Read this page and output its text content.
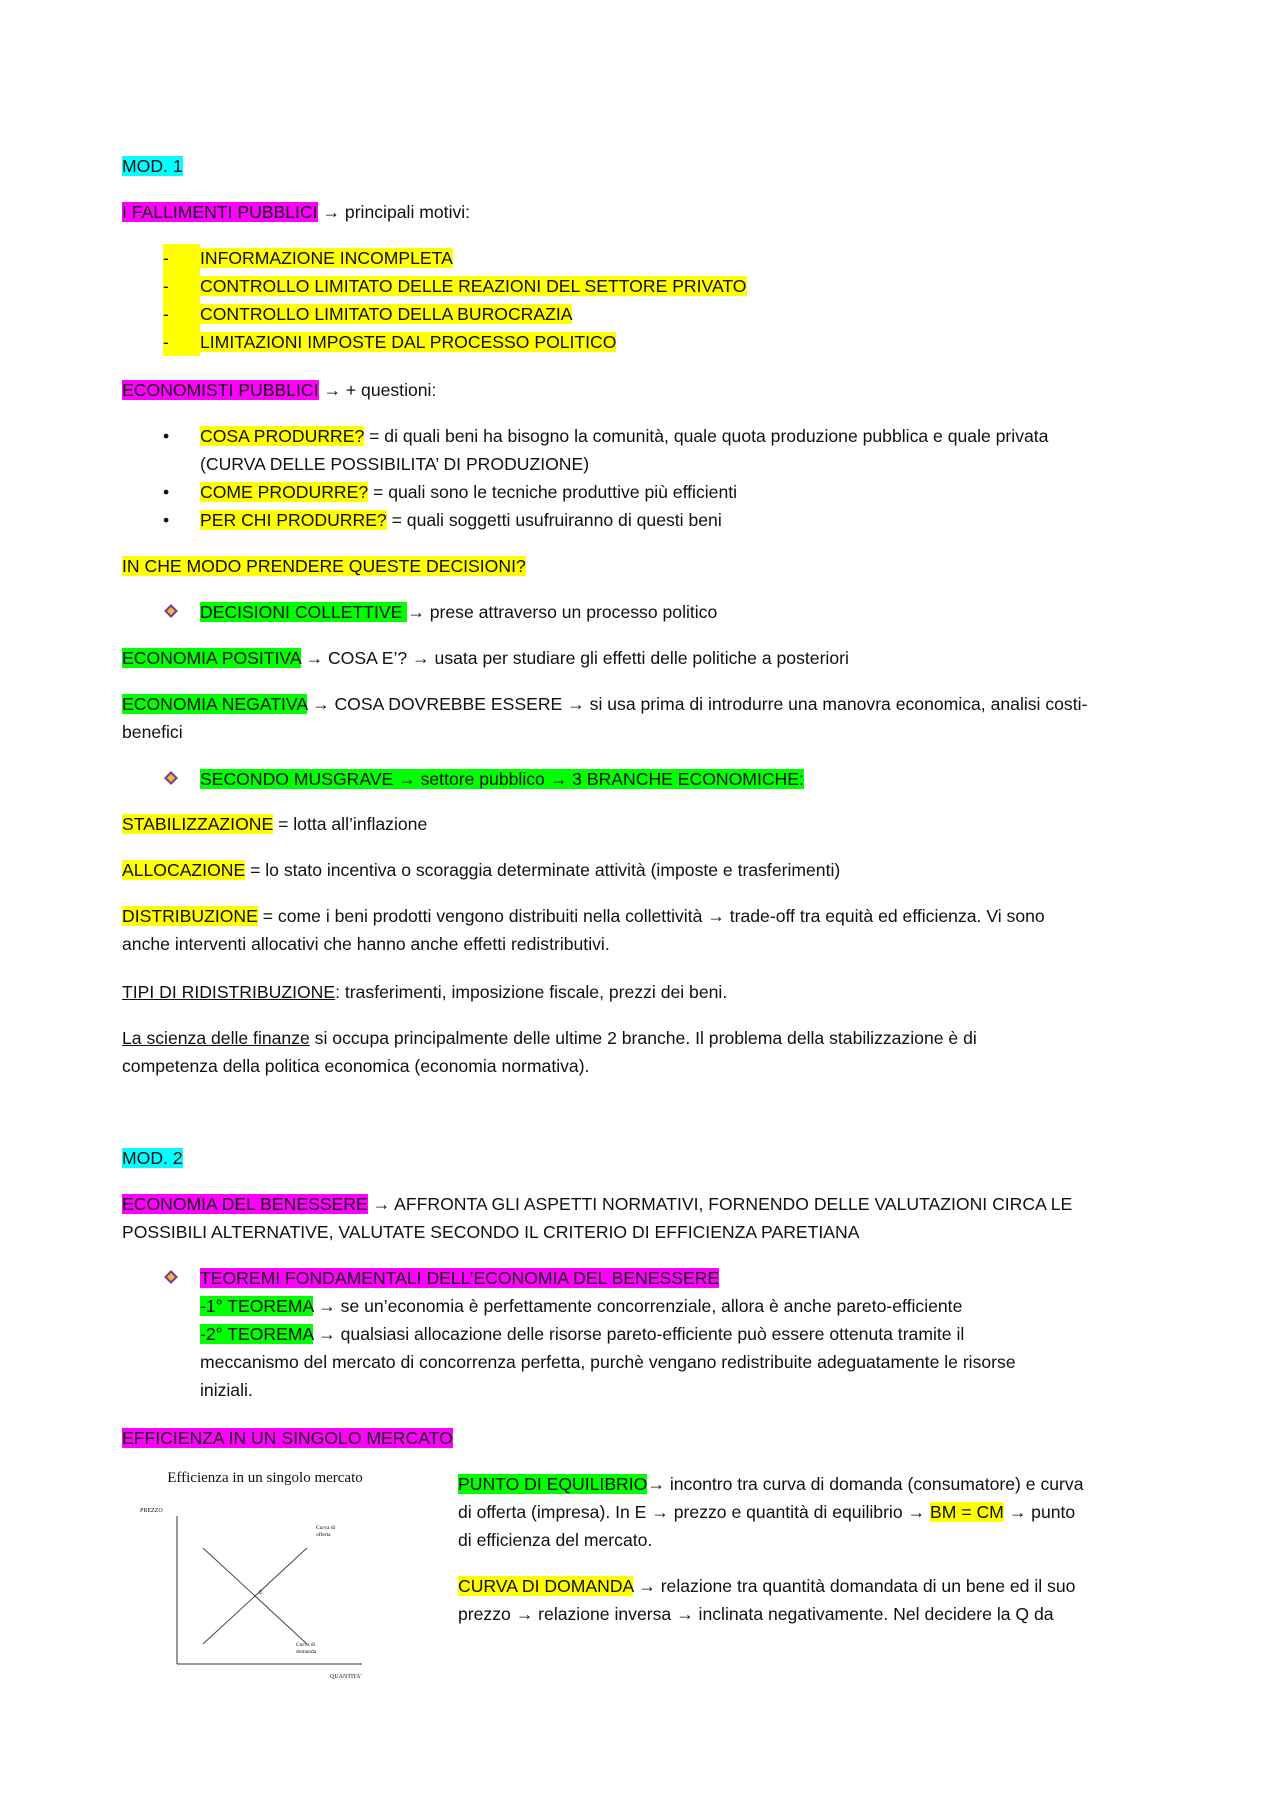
MOD. 1

I FALLIMENTI PUBBLICI → principali motivi:

-	INFORMAZIONE INCOMPLETA

-	CONTROLLO LIMITATO DELLE REAZIONI DEL SETTORE PRIVATO

-	CONTROLLO LIMITATO DELLA BUROCRAZIA

-	LIMITAZIONI IMPOSTE DAL PROCESSO POLITICO

ECONOMISTI PUBBLICI → + questioni:

• COSA PRODURRE? = di quali beni ha bisogno la comunità, quale quota produzione pubblica e quale privata

(CURVA DELLE POSSIBILITA’ DI PRODUZIONE)

• COME PRODURRE? = quali sono le tecniche produttive più efficienti

• PER CHI PRODURRE? = quali soggetti usufruiranno di questi beni

IN CHE MODO PRENDERE QUESTE DECISIONI?

DECISIONI COLLETTIVE → prese attraverso un processo politico

ECONOMIA POSITIVA → COSA E’? → usata per studiare gli effetti delle politiche a posteriori

ECONOMIA NEGATIVA → COSA DOVREBBE ESSERE → si usa prima di introdurre una manovra economica, analisi costi-

benefici

SECONDO MUSGRAVE → settore pubblico → 3 BRANCHE ECONOMICHE:

STABILIZZAZIONE = lotta all’inflazione

ALLOCAZIONE = lo stato incentiva o scoraggia determinate attività (imposte e trasferimenti)

DISTRIBUZIONE = come i beni prodotti vengono distribuiti nella collettività → trade-off tra equità ed efficienza. Vi sono

anche interventi allocativi che hanno anche effetti redistributivi.

TIPI DI RIDISTRIBUZIONE: trasferimenti, imposizione fiscale, prezzi dei beni.

La scienza delle finanze si occupa principalmente delle ultime 2 branche. Il problema della stabilizzazione è di

competenza della politica economica (economia normativa).

MOD. 2

ECONOMIA DEL BENESSERE → AFFRONTA GLI ASPETTI NORMATIVI, FORNENDO DELLE VALUTAZIONI CIRCA LE

POSSIBILI ALTERNATIVE, VALUTATE SECONDO IL CRITERIO DI EFFICIENZA PARETIANA

TEOREMI FONDAMENTALI DELL’ECONOMIA DEL BENESSERE

-1° TEOREMA → se un’economia è perfettamente concorrenziale, allora è anche pareto-efficiente

-2° TEOREMA → qualsiasi allocazione delle risorse pareto-efficiente può essere ottenuta tramite il

meccanismo del mercato di concorrenza perfetta, purchè vengano redistribuite adeguatamente le risorse

iniziali.

EFFICIENZA IN UN SINGOLO MERCATO

Efficienza in un singolo mercato
PREZZO
QUANTITA'
E
Curva di
offerta
Curva di
domanda

PUNTO DI EQUILIBRIO→ incontro tra curva di domanda (consumatore) e curva

di offerta (impresa). In E → prezzo e quantità di equilibrio → BM = CM → punto

di efficienza del mercato.

CURVA DI DOMANDA → relazione tra quantità domandata di un bene ed il suo

prezzo → relazione inversa → inclinata negativamente. Nel decidere la Q da
